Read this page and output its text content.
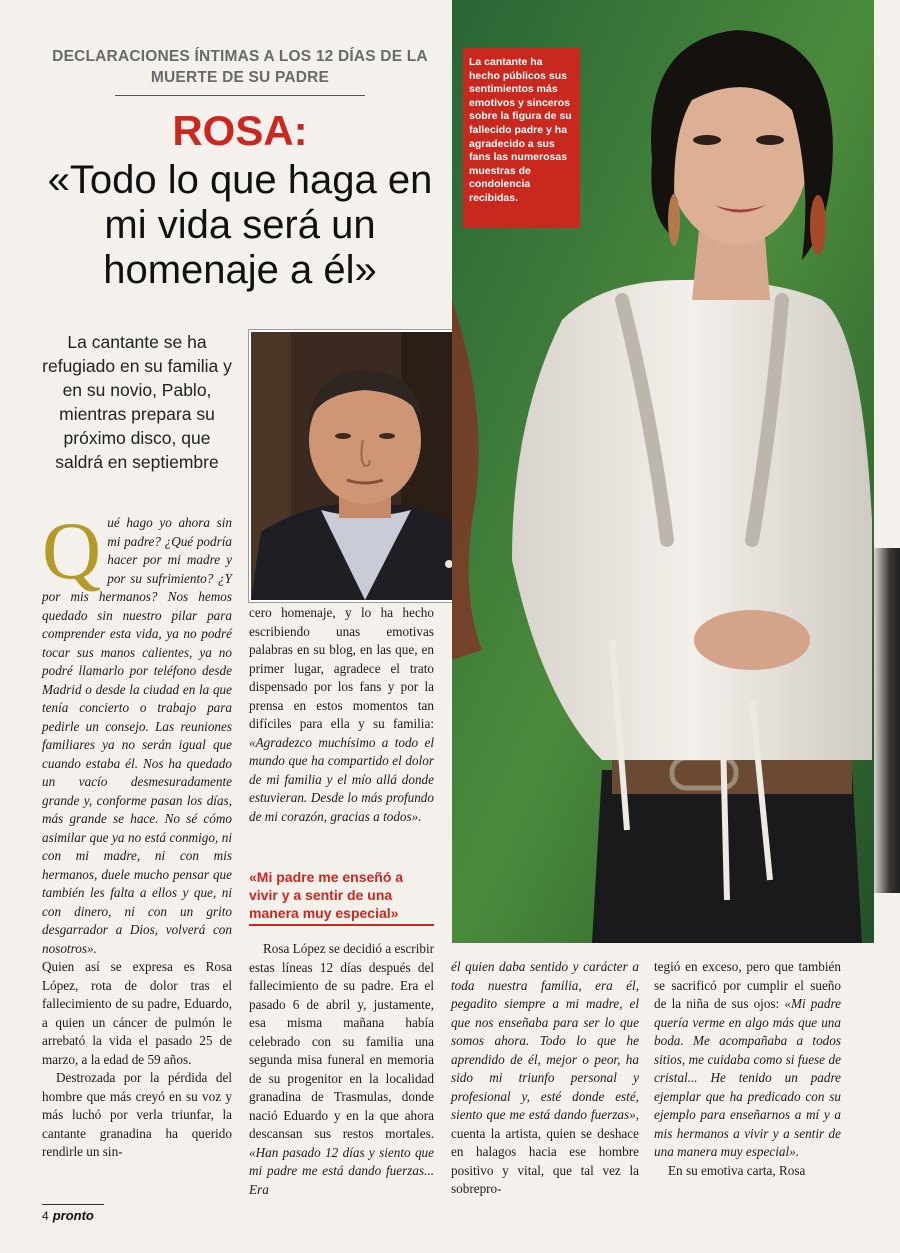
DECLARACIONES ÍNTIMAS A LOS 12 DÍAS DE LA MUERTE DE SU PADRE
ROSA:
«Todo lo que haga en mi vida será un homenaje a él»
La cantante se ha refugiado en su familia y en su novio, Pablo, mientras prepara su próximo disco, que saldrá en septiembre
La cantante ha hecho públicos sus sentimientos más emotivos y sinceros sobre la figura de su fallecido padre y ha agradecido a sus fans las numerosas muestras de condolencia recibidas.

Qué hago yo ahora sin mi padre? ¿Qué podría hacer por mi madre y por su sufrimiento? ¿Y por mis hermanos? Nos hemos quedado sin nuestro pilar para comprender esta vida, ya no podré tocar sus manos calientes, ya no podré llamarlo por teléfono desde Madrid o desde la ciudad en la que tenía concierto o trabajo para pedirle un consejo. Las reuniones familiares ya no serán igual que cuando estaba él. Nos ha quedado un vacío desmesuradamente grande y, conforme pasan los días, más grande se hace. No sé cómo asimilar que ya no está conmigo, ni con mi madre, ni con mis hermanos, duele mucho pensar que también les falta a ellos y que, ni con dinero, ni con un grito desgarrador a Dios, volverá con nosotros».

Quien así se expresa es Rosa López, rota de dolor tras el fallecimiento de su padre, Eduardo, a quien un cáncer de pulmón le arrebató la vida el pasado 25 de marzo, a la edad de 59 años.

Destrozada por la pérdida del hombre que más creyó en su voz y más luchó por verla triunfar, la cantante granadina ha querido rendirle un sin-

cero homenaje, y lo ha hecho escribiendo unas emotivas palabras en su blog, en las que, en primer lugar, agradece el trato dispensado por los fans y por la prensa en estos momentos tan difíciles para ella y su familia: «Agradezco muchísimo a todo el mundo que ha compartido el dolor de mi familia y el mío allá donde estuvieran. Desde lo más profundo de mi corazón, gracias a todos».

«Mi padre me enseñó a vivir y a sentir de una manera muy especial»

Rosa López se decidió a escribir estas líneas 12 días después del fallecimiento de su padre. Era el pasado 6 de abril y, justamente, esa misma mañana había celebrado con su familia una segunda misa funeral en memoria de su progenitor en la localidad granadina de Trasmulas, donde nació Eduardo y en la que ahora descansan sus restos mortales. «Han pasado 12 días y siento que mi padre me está dando fuerzas... Era

él quien daba sentido y carácter a toda nuestra familia, era él, pegadito siempre a mi madre, el que nos enseñaba para ser lo que somos ahora. Todo lo que he aprendido de él, mejor o peor, ha sido mi triunfo personal y profesional y, esté donde esté, siento que me está dando fuerzas», cuenta la artista, quien se deshace en halagos hacia ese hombre positivo y vital, que tal vez la sobrepro-

tegió en exceso, pero que también se sacrificó por cumplir el sueño de la niña de sus ojos: «Mi padre quería verme en algo más que una boda. Me acompañaba a todos sitios, me cuidaba como si fuese de cristal... He tenido un padre ejemplar que ha predicado con su ejemplo para enseñarnos a mí y a mis hermanos a vivir y a sentir de una manera muy especial».

En su emotiva carta, Rosa

4 pronto
